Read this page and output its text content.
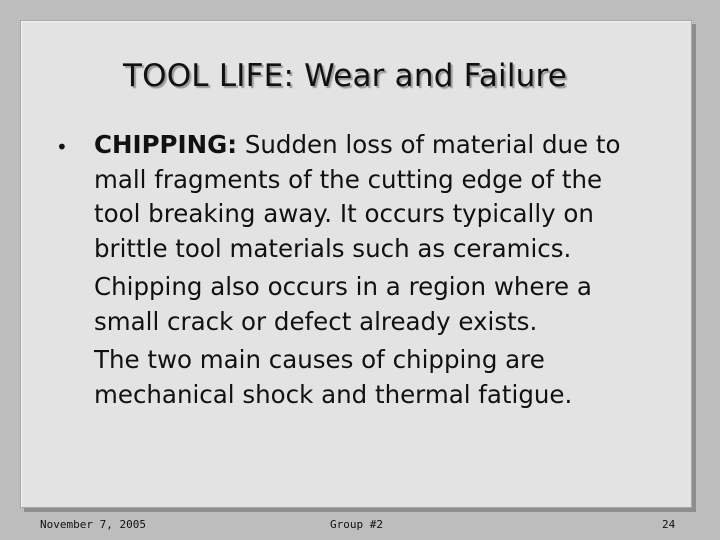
TOOL LIFE: Wear and Failure
•	CHIPPING: Sudden loss of material due to mall fragments of the cutting edge of the tool breaking away. It occurs typically on brittle tool materials such as ceramics.

Chipping also occurs in a region where a small crack or defect already exists.

The two main causes of chipping are mechanical shock and thermal fatigue.

November 7, 2005	Group #2	24
